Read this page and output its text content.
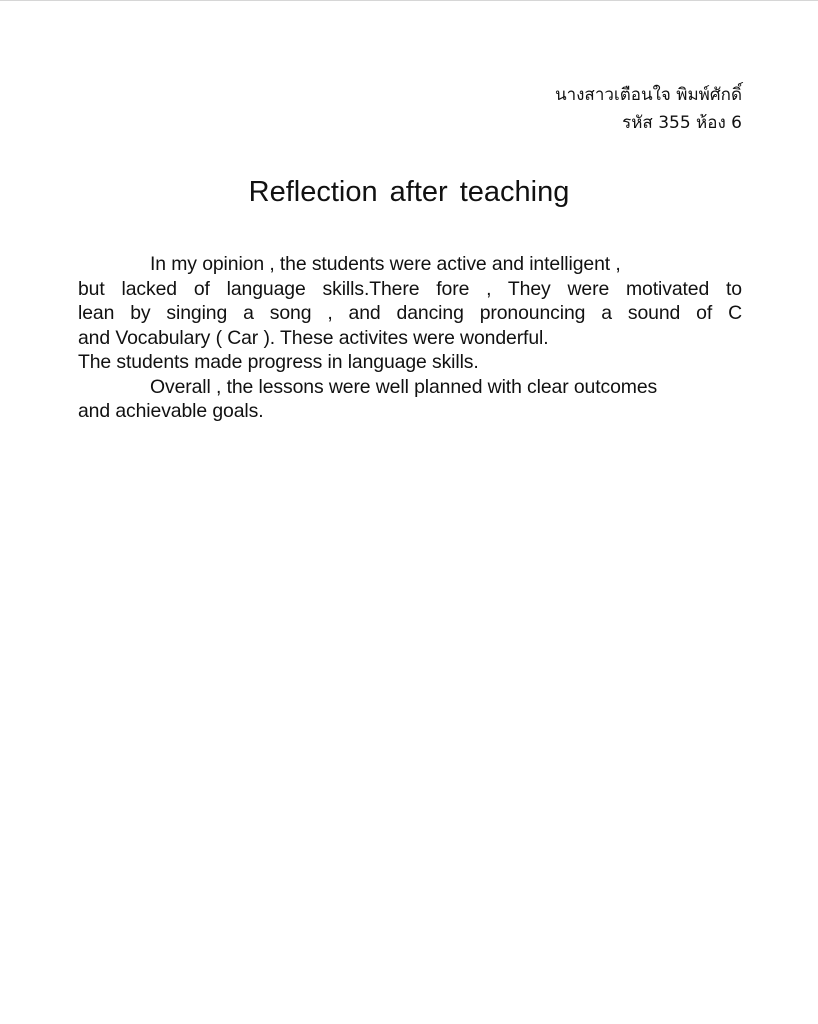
นางสาวเตือนใจ พิมพ์ศักดิ์
รหัส 355 ห้อง 6
Reflection after teaching
In my opinion , the students were active and intelligent ,
but lacked of language skills.There fore , They were motivated to
lean by singing a song , and dancing pronouncing a sound of C
and Vocabulary ( Car ). These activites were wonderful.
The students made progress in language skills.
Overall , the lessons were well planned with clear outcomes
and achievable goals.
